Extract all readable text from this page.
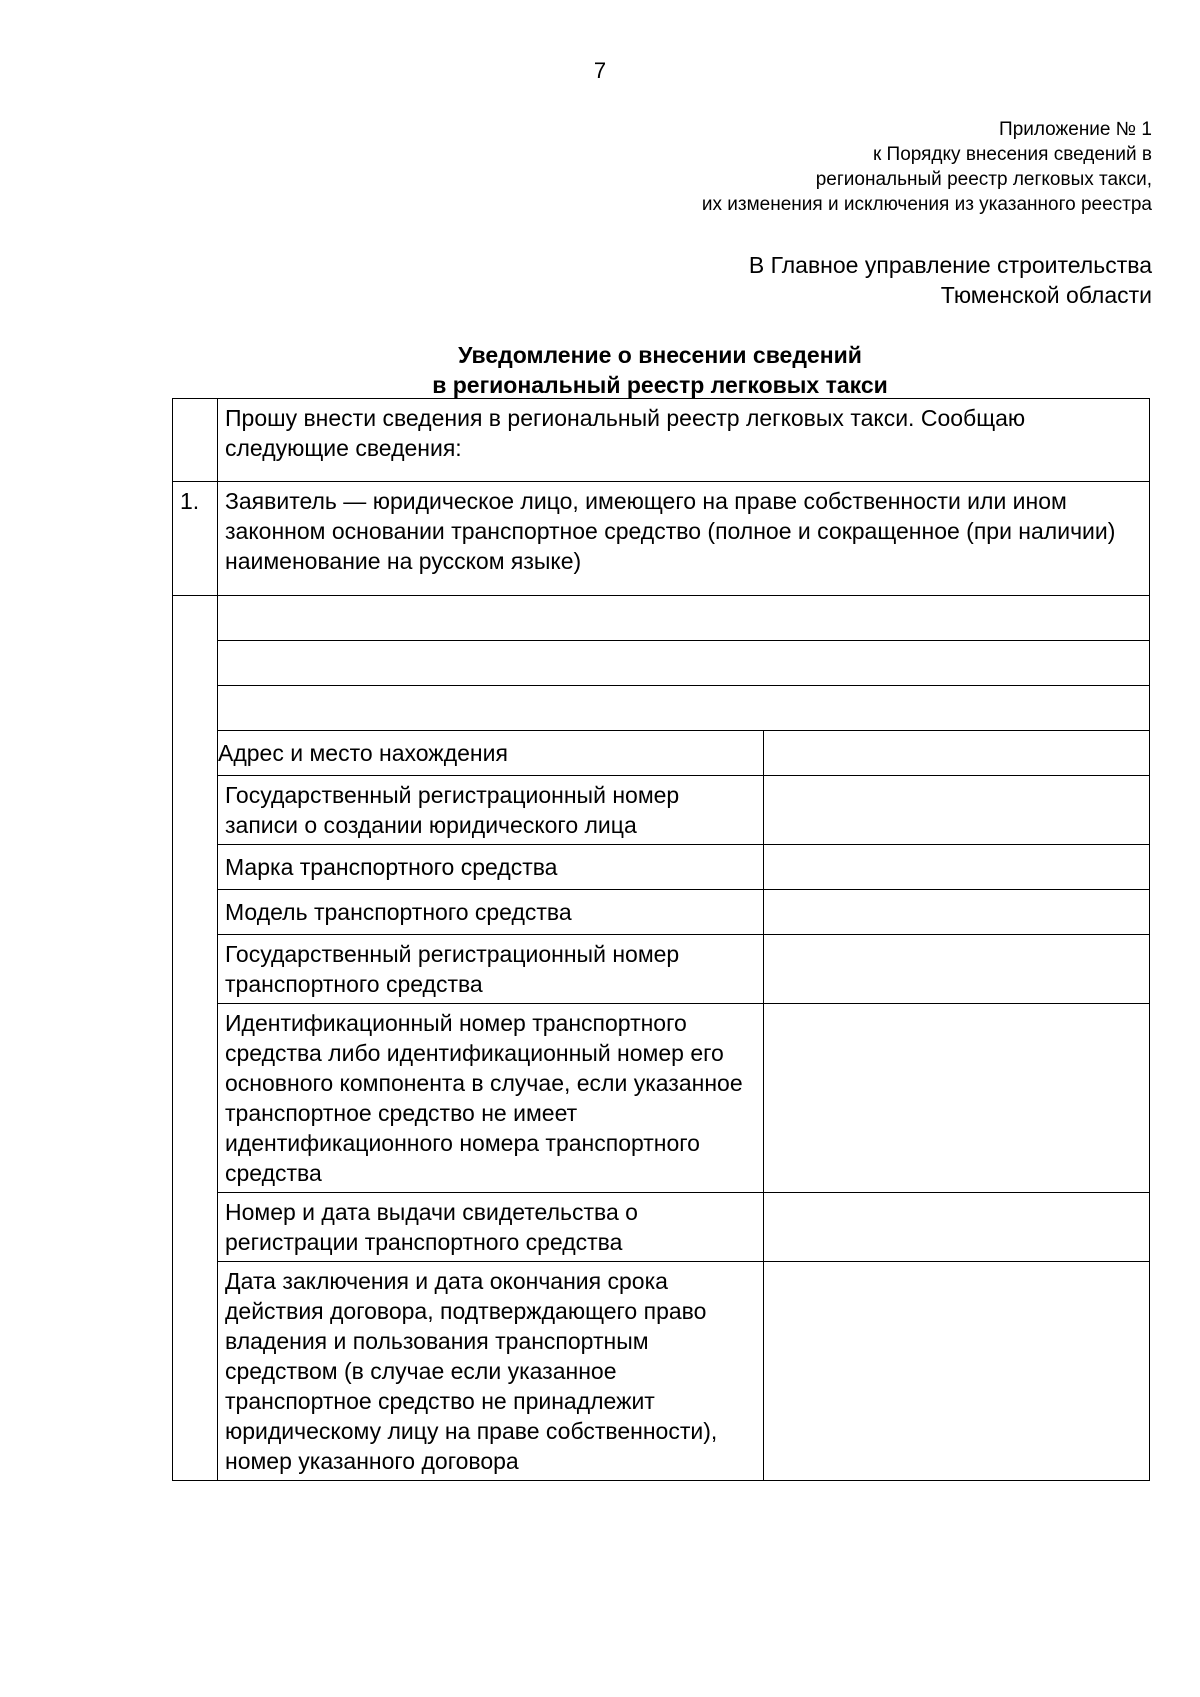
7
Приложение № 1
к Порядку внесения сведений в
региональный реестр легковых такси,
их изменения и исключения из указанного реестра
В Главное управление строительства
Тюменской области
Уведомление о внесении сведений
в региональный реестр легковых такси
	Прошу внести сведения в региональный реестр легковых такси. Сообщаю следующие сведения:	
1.	Заявитель — юридическое лицо, имеющего на праве собственности или ином законном основании транспортное средство (полное и сокращенное (при наличии) наименование на русском языке)	

	Адрес и место нахождения	
	Государственный регистрационный номер записи о создании юридического лица	
	Марка транспортного средства	
	Модель транспортного средства	
	Государственный регистрационный номер транспортного средства	
	Идентификационный номер транспортного средства либо идентификационный номер его основного компонента в случае, если указанное транспортное средство не имеет идентификационного номера транспортного средства	
	Номер и дата выдачи свидетельства о регистрации транспортного средства	
	Дата заключения и дата окончания срока действия договора, подтверждающего право владения и пользования транспортным средством (в случае если указанное транспортное средство не принадлежит юридическому лицу на праве собственности), номер указанного договора	
